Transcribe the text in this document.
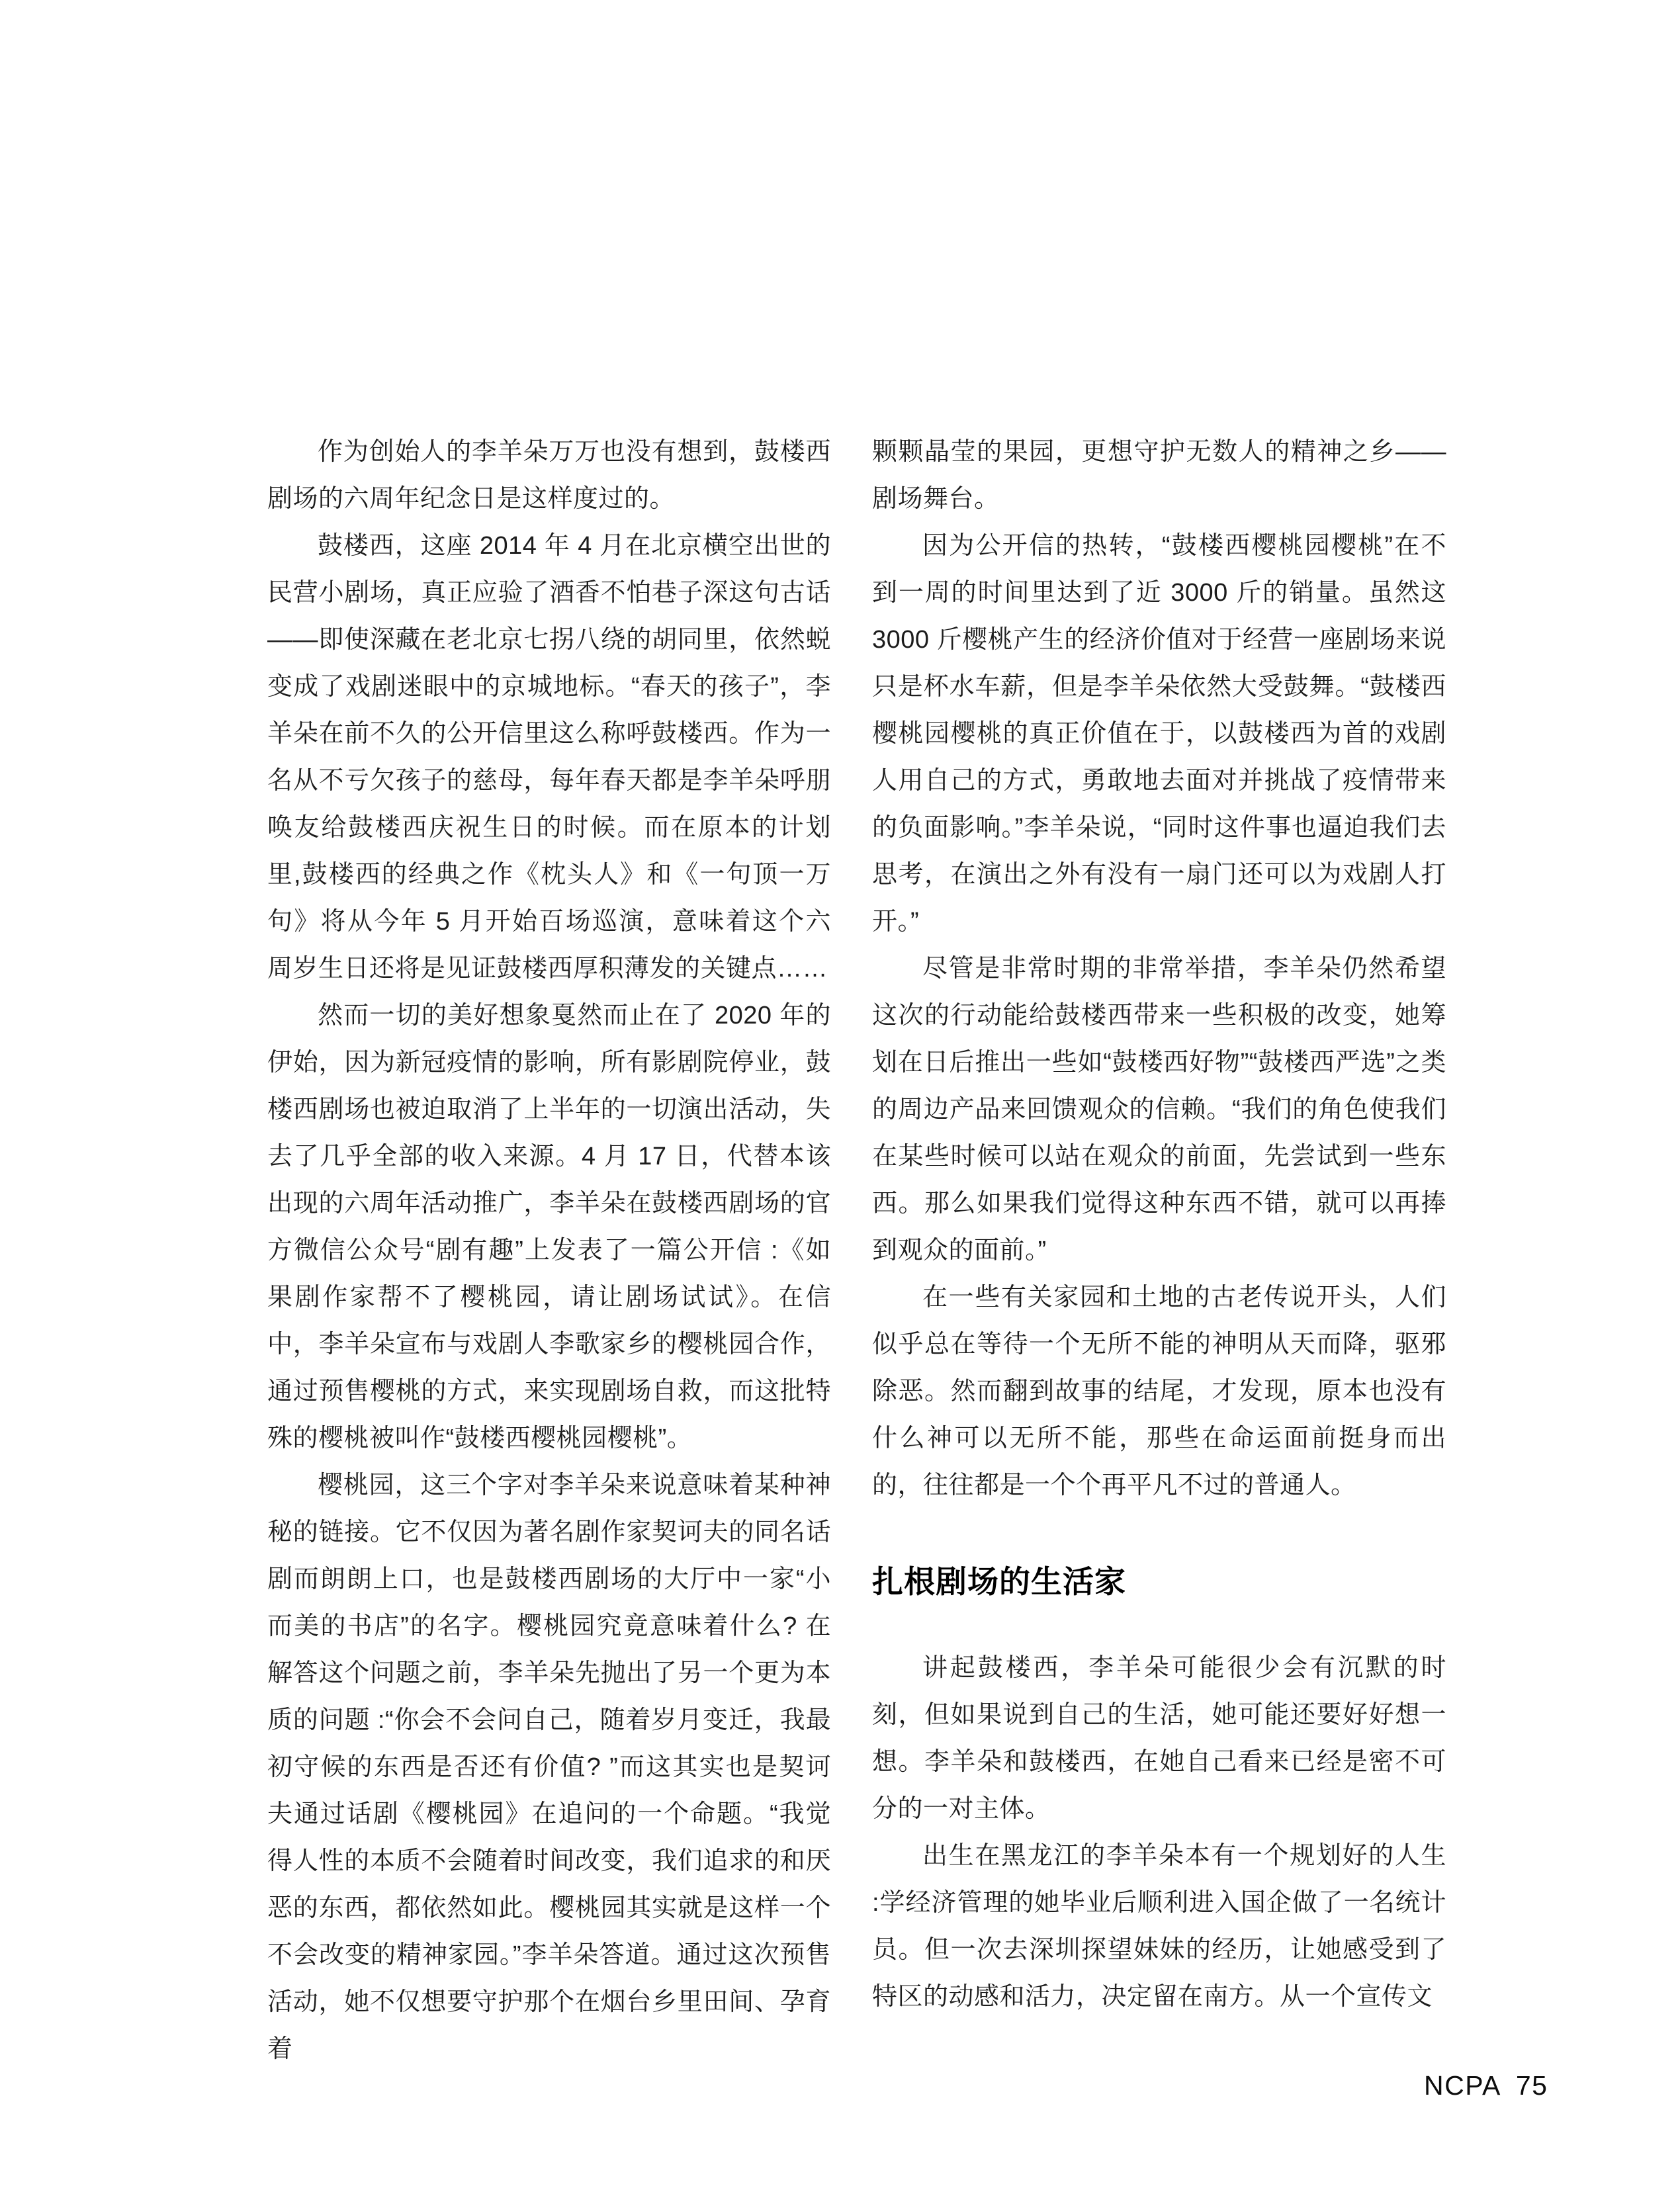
作为创始人的李羊朵万万也没有想到，鼓楼西剧场的六周年纪念日是这样度过的。

鼓楼西，这座 2014 年 4 月在北京横空出世的民营小剧场，真正应验了酒香不怕巷子深这句古话——即使深藏在老北京七拐八绕的胡同里，依然蜕变成了戏剧迷眼中的京城地标。“春天的孩子”，李羊朵在前不久的公开信里这么称呼鼓楼西。作为一名从不亏欠孩子的慈母，每年春天都是李羊朵呼朋唤友给鼓楼西庆祝生日的时候。而在原本的计划里,鼓楼西的经典之作《枕头人》和《一句顶一万句》将从今年 5 月开始百场巡演，意味着这个六周岁生日还将是见证鼓楼西厚积薄发的关键点……

然而一切的美好想象戛然而止在了 2020 年的伊始，因为新冠疫情的影响，所有影剧院停业，鼓楼西剧场也被迫取消了上半年的一切演出活动，失去了几乎全部的收入来源。4 月 17 日，代替本该出现的六周年活动推广，李羊朵在鼓楼西剧场的官方微信公众号“剧有趣”上发表了一篇公开信 :《如果剧作家帮不了樱桃园，请让剧场试试》。在信中，李羊朵宣布与戏剧人李歌家乡的樱桃园合作，通过预售樱桃的方式，来实现剧场自救，而这批特殊的樱桃被叫作“鼓楼西樱桃园樱桃”。

樱桃园，这三个字对李羊朵来说意味着某种神秘的链接。它不仅因为著名剧作家契诃夫的同名话剧而朗朗上口，也是鼓楼西剧场的大厅中一家“小而美的书店”的名字。樱桃园究竟意味着什么? 在解答这个问题之前，李羊朵先抛出了另一个更为本质的问题 :“你会不会问自己，随着岁月变迁，我最初守候的东西是否还有价值? ”而这其实也是契诃夫通过话剧《樱桃园》在追问的一个命题。“我觉得人性的本质不会随着时间改变，我们追求的和厌恶的东西，都依然如此。樱桃园其实就是这样一个不会改变的精神家园。”李羊朵答道。通过这次预售活动，她不仅想要守护那个在烟台乡里田间、孕育着

颗颗晶莹的果园，更想守护无数人的精神之乡——剧场舞台。

因为公开信的热转，“鼓楼西樱桃园樱桃”在不到一周的时间里达到了近 3000 斤的销量。虽然这 3000 斤樱桃产生的经济价值对于经营一座剧场来说只是杯水车薪，但是李羊朵依然大受鼓舞。“鼓楼西樱桃园樱桃的真正价值在于，以鼓楼西为首的戏剧人用自己的方式，勇敢地去面对并挑战了疫情带来的负面影响。”李羊朵说，“同时这件事也逼迫我们去思考，在演出之外有没有一扇门还可以为戏剧人打开。”

尽管是非常时期的非常举措，李羊朵仍然希望这次的行动能给鼓楼西带来一些积极的改变，她筹划在日后推出一些如“鼓楼西好物”“鼓楼西严选”之类的周边产品来回馈观众的信赖。“我们的角色使我们在某些时候可以站在观众的前面，先尝试到一些东西。那么如果我们觉得这种东西不错，就可以再捧到观众的面前。”

在一些有关家园和土地的古老传说开头，人们似乎总在等待一个无所不能的神明从天而降，驱邪除恶。然而翻到故事的结尾，才发现，原本也没有什么神可以无所不能，那些在命运面前挺身而出的，往往都是一个个再平凡不过的普通人。

扎根剧场的生活家

讲起鼓楼西，李羊朵可能很少会有沉默的时刻，但如果说到自己的生活，她可能还要好好想一想。李羊朵和鼓楼西，在她自己看来已经是密不可分的一对主体。

出生在黑龙江的李羊朵本有一个规划好的人生 :学经济管理的她毕业后顺利进入国企做了一名统计员。但一次去深圳探望妹妹的经历，让她感受到了特区的动感和活力，决定留在南方。从一个宣传文

NCPA 75
